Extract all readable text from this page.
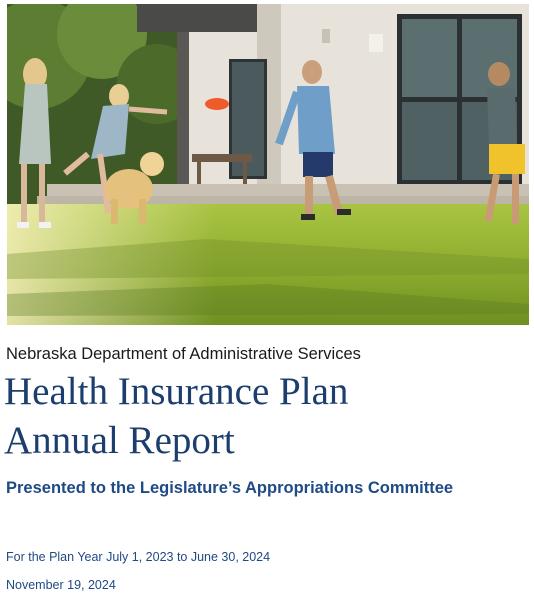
Nebraska Department of Administrative Services
Health Insurance Plan
Annual Report
Presented to the Legislature’s Appropriations Committee
For the Plan Year July 1, 2023 to June 30, 2024
November 19, 2024
